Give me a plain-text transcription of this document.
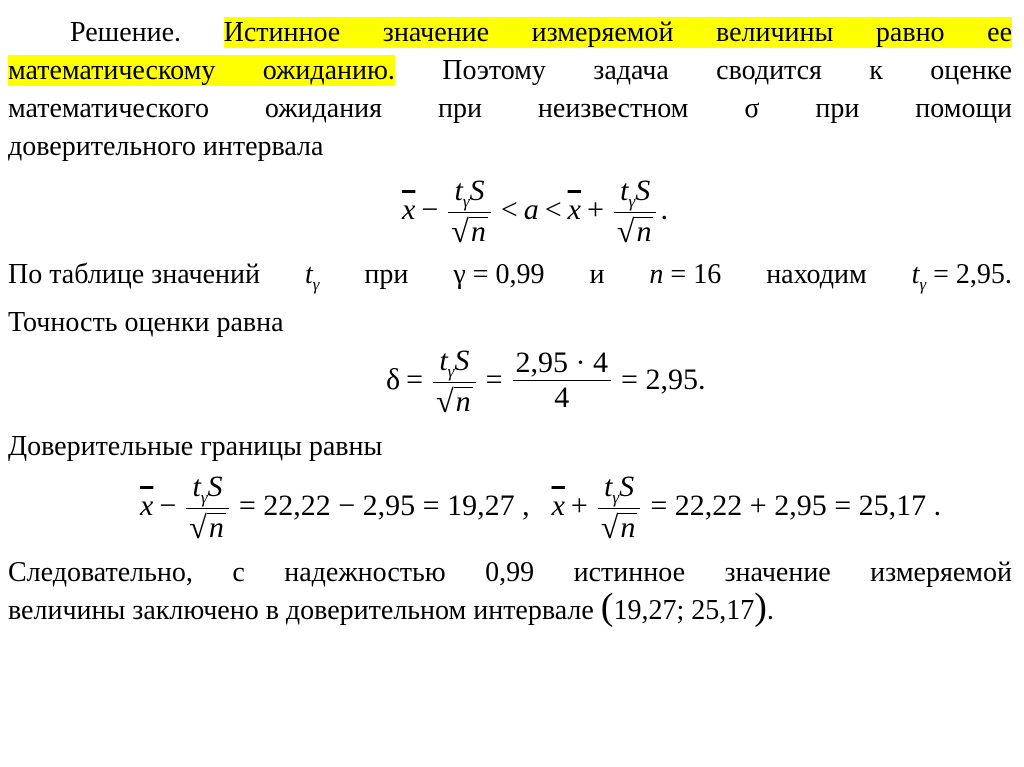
Решение. Истинное значение измеряемой величины равно ее

математическому ожиданию. Поэтому задача сводится к оценке

математического ожидания при неизвестном σ при помощи

доверительного интервала

$\overline{x} - \frac{t_\gamma S}{√ n} < a < \overline{x} + \frac{t_\gamma S}{√ n}$ .
По таблице значений $t_\gamma$ при γ = 0,99 и n = 16 находим $t_\gamma = 2,95$.

Точность оценки равна

$\delta = \frac{t_\gamma S}{√ n} = \frac{2,95 \cdot 4}{4} = 2,95$.

Доверительные границы равны

$\overline{x} - \frac{t_\gamma S}{√ n} = 22,22 - 2,95 = 19,27$ , $\overline{x} + \frac{t_\gamma S}{√ n} = 22,22 + 2,95 = 25,17$ .

Следовательно, с надежностью 0,99 истинное значение измеряемой

величины заключено в доверительном интервале (19,27; 25,17).
